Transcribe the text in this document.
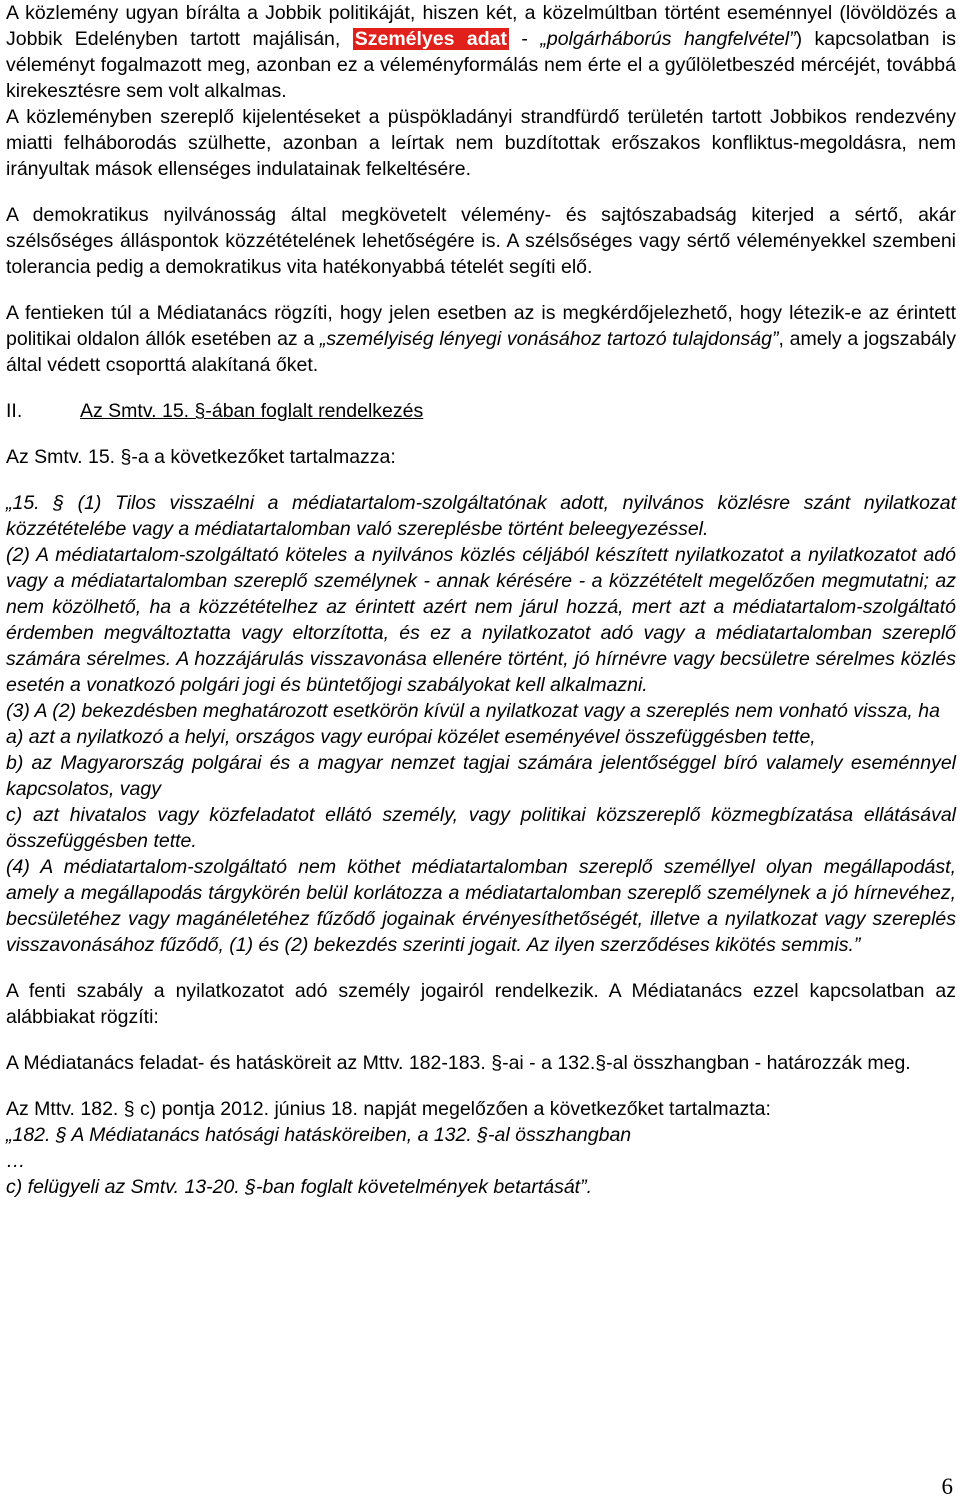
A közlemény ugyan bírálta a Jobbik politikáját, hiszen két, a közelmúltban történt eseménnyel (lövöldözés a Jobbik Edelényben tartott majálisán, Személyes adat - „polgárháborús hangfelvétel”) kapcsolatban is véleményt fogalmazott meg, azonban ez a véleményformálás nem érte el a gyűlöletbeszéd mércéjét, továbbá kirekesztésre sem volt alkalmas.

A közleményben szereplő kijelentéseket a püspökladányi strandfürdő területén tartott Jobbikos rendezvény miatti felháborodás szülhette, azonban a leírtak nem buzdítottak erőszakos konfliktus-megoldásra, nem irányultak mások ellenséges indulatainak felkeltésére.

A demokratikus nyilvánosság által megkövetelt vélemény- és sajtószabadság kiterjed a sértő, akár szélsőséges álláspontok közzétételének lehetőségére is. A szélsőséges vagy sértő véleményekkel szembeni tolerancia pedig a demokratikus vita hatékonyabbá tételét segíti elő.

A fentieken túl a Médiatanács rögzíti, hogy jelen esetben az is megkérdőjelezhető, hogy létezik-e az érintett politikai oldalon állók esetében az a „személyiség lényegi vonásához tartozó tulajdonság”, amely a jogszabály által védett csoporttá alakítaná őket.

II.	Az Smtv. 15. §-ában foglalt rendelkezés

Az Smtv. 15. §-a a következőket tartalmazza:

„15. § (1) Tilos visszaélni a médiatartalom-szolgáltatónak adott, nyilvános közlésre szánt nyilatkozat közzétételébe vagy a médiatartalomban való szereplésbe történt beleegyezéssel.

(2) A médiatartalom-szolgáltató köteles a nyilvános közlés céljából készített nyilatkozatot a nyilatkozatot adó vagy a médiatartalomban szereplő személynek - annak kérésére - a közzétételt megelőzően megmutatni; az nem közölhető, ha a közzétételhez az érintett azért nem járul hozzá, mert azt a médiatartalom-szolgáltató érdemben megváltoztatta vagy eltorzította, és ez a nyilatkozatot adó vagy a médiatartalomban szereplő számára sérelmes. A hozzájárulás visszavonása ellenére történt, jó hírnévre vagy becsületre sérelmes közlés esetén a vonatkozó polgári jogi és büntetőjogi szabályokat kell alkalmazni.

(3) A (2) bekezdésben meghatározott esetkörön kívül a nyilatkozat vagy a szereplés nem vonható vissza, ha

a) azt a nyilatkozó a helyi, országos vagy európai közélet eseményével összefüggésben tette,

b) az Magyarország polgárai és a magyar nemzet tagjai számára jelentőséggel bíró valamely eseménnyel kapcsolatos, vagy

c) azt hivatalos vagy közfeladatot ellátó személy, vagy politikai közszereplő közmegbízatása ellátásával összefüggésben tette.

(4) A médiatartalom-szolgáltató nem köthet médiatartalomban szereplő személlyel olyan megállapodást, amely a megállapodás tárgykörén belül korlátozza a médiatartalomban szereplő személynek a jó hírnevéhez, becsületéhez vagy magánéletéhez fűződő jogainak érvényesíthetőségét, illetve a nyilatkozat vagy szereplés visszavonásához fűződő, (1) és (2) bekezdés szerinti jogait. Az ilyen szerződéses kikötés semmis.”

A fenti szabály a nyilatkozatot adó személy jogairól rendelkezik. A Médiatanács ezzel kapcsolatban az alábbiakat rögzíti:

A Médiatanács feladat- és hatásköreit az Mttv. 182-183. §-ai - a 132.§-al összhangban - határozzák meg.

Az Mttv. 182. § c) pontja 2012. június 18. napját megelőzően a következőket tartalmazta:

„182. § A Médiatanács hatósági hatásköreiben, a 132. §-al összhangban

…

c) felügyeli az Smtv. 13-20. §-ban foglalt követelmények betartását”.

6
